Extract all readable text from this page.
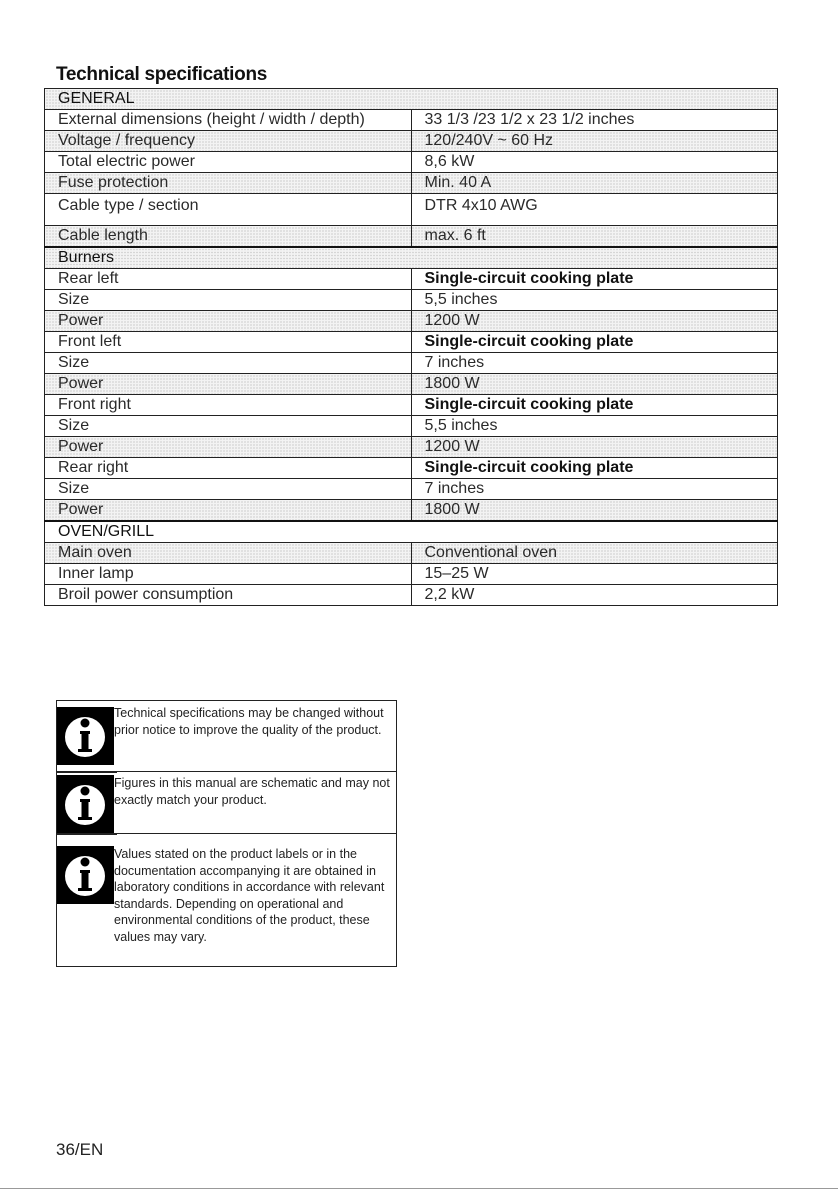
Technical specifications
GENERAL	
External dimensions (height / width / depth)	33 1/3 /23 1/2 x 23 1/2 inches
Voltage / frequency	120/240V ~ 60 Hz
Total electric power	8,6 kW
Fuse protection	Min. 40 A
Cable type / section	DTR 4x10 AWG
Cable length	max. 6 ft
Burners	
Rear left	Single-circuit cooking plate
Size	5,5 inches
Power	1200 W
Front left	Single-circuit cooking plate
Size	7 inches
Power	1800 W
Front right	Single-circuit cooking plate
Size	5,5 inches
Power	1200 W
Rear right	Single-circuit cooking plate
Size	7 inches
Power	1800 W
OVEN/GRILL	
Main oven	Conventional oven
Inner lamp	15–25 W
Broil power consumption	2,2 kW
Technical specifications may be changed without prior notice to improve the quality of the product.
Figures in this manual are schematic and may not exactly match your product.
Values stated on the product labels or in the documentation accompanying it are obtained in laboratory conditions in accordance with relevant standards. Depending on operational and environmental conditions of the product, these values may vary.
36/EN
